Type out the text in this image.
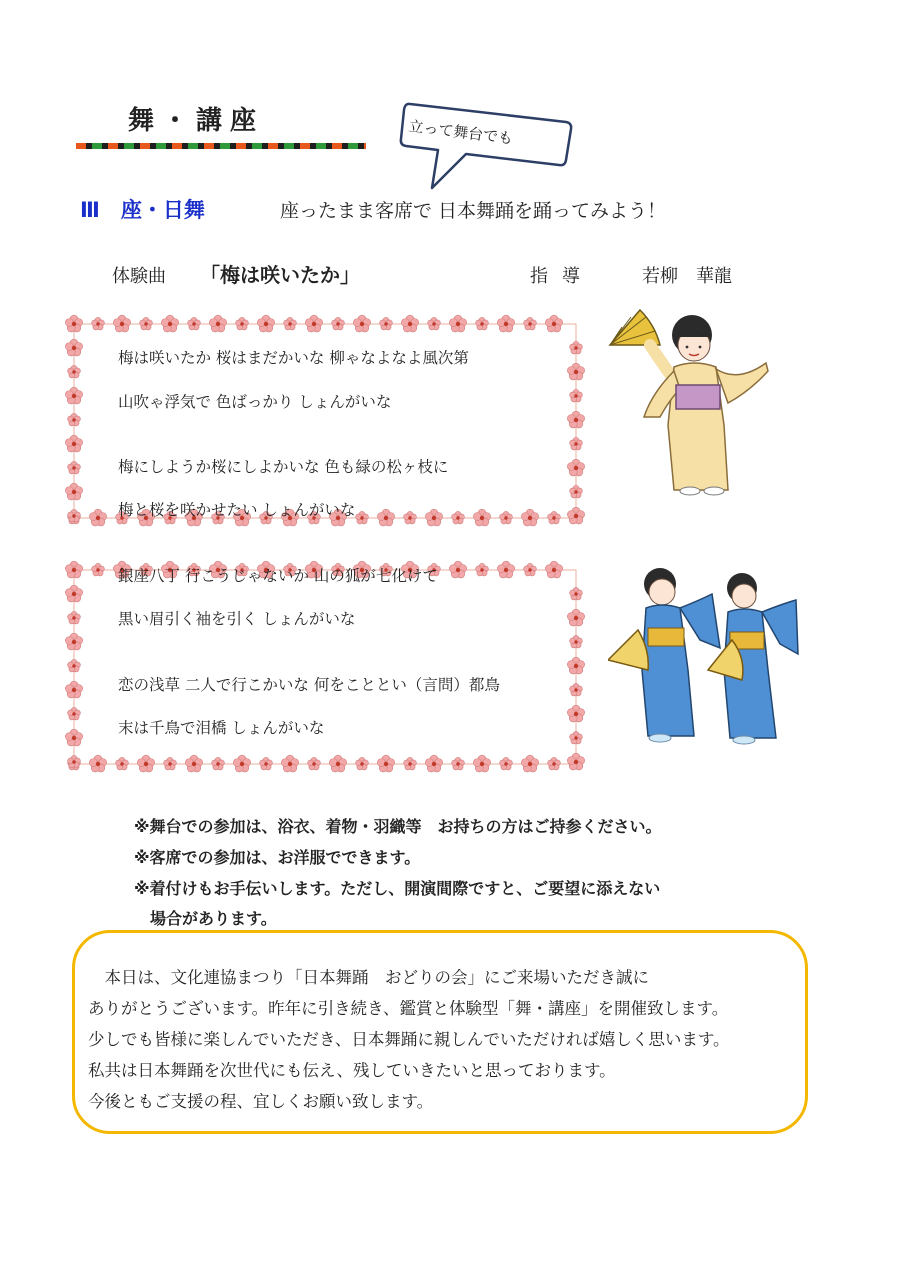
舞・講座	立って舞台でも
Ⅲ　座・日舞	座ったまま客席で 日本舞踊を踊ってみよう！
体験曲 「梅は咲いたか」	指導	若柳　華龍
梅は咲いたか 桜はまだかいな 柳ゃなよなよ風次第
山吹ゃ浮気で 色ばっかり しょんがいな
梅にしようか桜にしよかいな 色も緑の松ヶ枝に
梅と桜を咲かせたい しょんがいな
銀座八丁 行こうじゃないか 山の狐が七化けて
黒い眉引く袖を引く しょんがいな
恋の浅草 二人で行こかいな 何をこととい（言問）都鳥
末は千鳥で泪橋 しょんがいな
※舞台での参加は、浴衣、着物・羽織等　お持ちの方はご持参ください。
※客席での参加は、お洋服でできます。
※着付けもお手伝いします。ただし、開演間際ですと、ご要望に添えない
　場合があります。
　本日は、文化連協まつり「日本舞踊　おどりの会」にご来場いただき誠に
ありがとうございます。昨年に引き続き、鑑賞と体験型「舞・講座」を開催致します。
少しでも皆様に楽しんでいただき、日本舞踊に親しんでいただければ嬉しく思います。
私共は日本舞踊を次世代にも伝え、残していきたいと思っております。
今後ともご支援の程、宜しくお願い致します。
